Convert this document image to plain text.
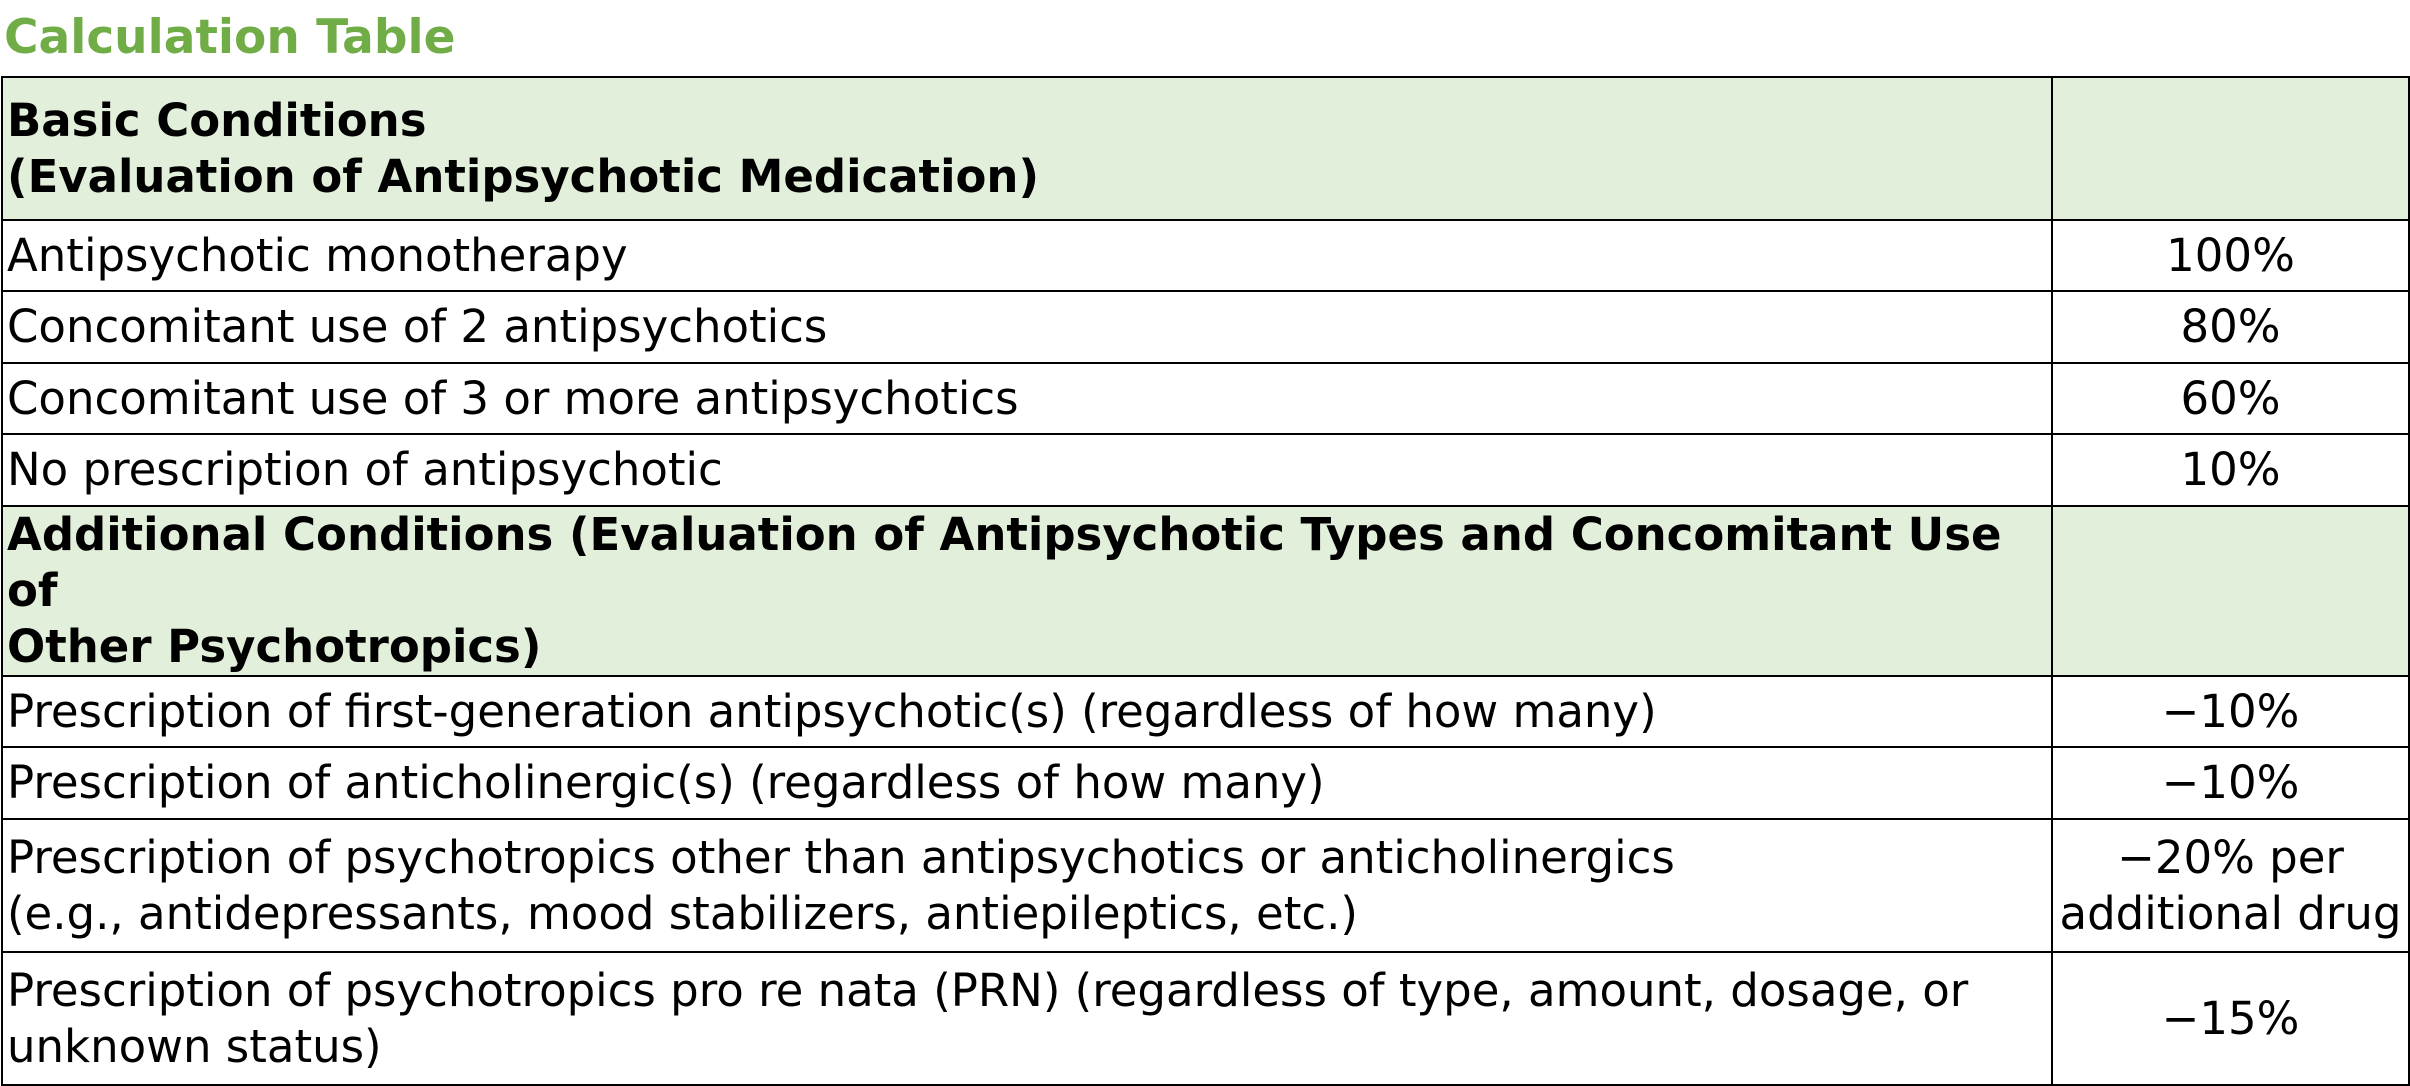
Calculation Table
Basic Conditions
(Evaluation of Antipsychotic Medication)	
Antipsychotic monotherapy	100%
Concomitant use of 2 antipsychotics	80%
Concomitant use of 3 or more antipsychotics	60%
No prescription of antipsychotic	10%
Additional Conditions (Evaluation of Antipsychotic Types and Concomitant Use of
Other Psychotropics)	
Prescription of first-generation antipsychotic(s) (regardless of how many)	−10%
Prescription of anticholinergic(s) (regardless of how many)	−10%
Prescription of psychotropics other than antipsychotics or anticholinergics
(e.g., antidepressants, mood stabilizers, antiepileptics, etc.)	−20% per
additional drug
Prescription of psychotropics pro re nata (PRN) (regardless of type, amount, dosage, or
unknown status)	−15%
